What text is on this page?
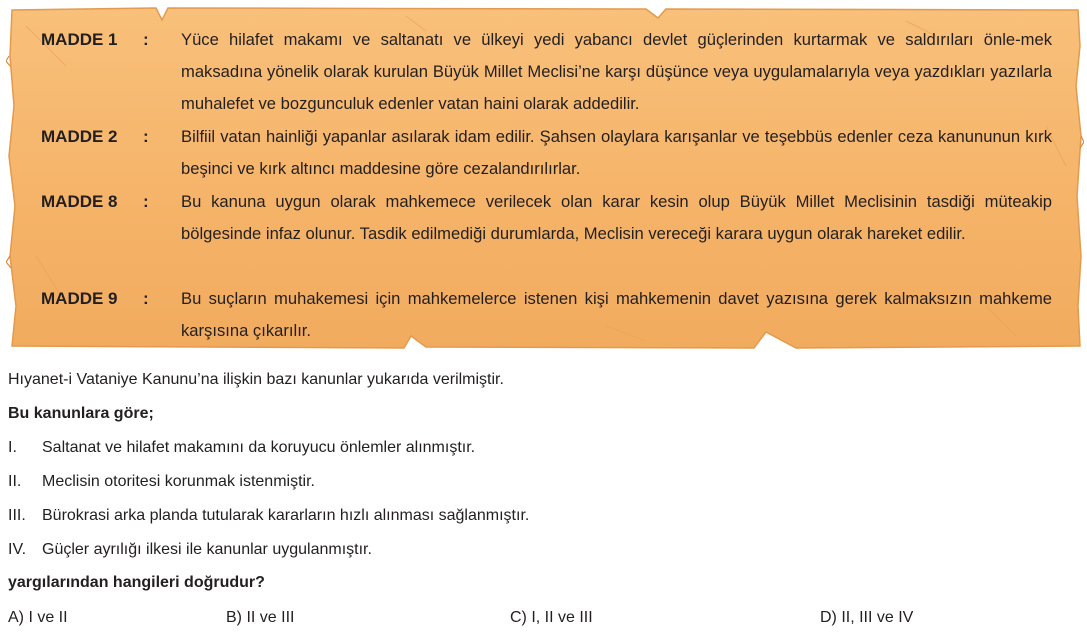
MADDE 1 : Yüce hilafet makamı ve saltanatı ve ülkeyi yedi yabancı devlet güçlerinden kurtarmak ve saldırıları önle-mek maksadına yönelik olarak kurulan Büyük Millet Meclisi’ne karşı düşünce veya uygulamalarıyla veya yazdıkları yazılarla muhalefet ve bozgunculuk edenler vatan haini olarak addedilir.
MADDE 2 : Bilfiil vatan hainliği yapanlar asılarak idam edilir. Şahsen olaylara karışanlar ve teşebbüs edenler ceza kanununun kırk beşinci ve kırk altıncı maddesine göre cezalandırılırlar.
MADDE 8 : Bu kanuna uygun olarak mahkemece verilecek olan karar kesin olup Büyük Millet Meclisinin tasdiği müteakip bölgesinde infaz olunur. Tasdik edilmediği durumlarda, Meclisin vereceği karara uygun olarak hareket edilir.
MADDE 9 : Bu suçların muhakemesi için mahkemelerce istenen kişi mahkemenin davet yazısına gerek kalmaksızın mahkeme karşısına çıkarılır.
Hıyanet-i Vataniye Kanunu’na ilişkin bazı kanunlar yukarıda verilmiştir.
Bu kanunlara göre;
I. Saltanat ve hilafet makamını da koruyucu önlemler alınmıştır.
II. Meclisin otoritesi korunmak istenmiştir.
III. Bürokrasi arka planda tutularak kararların hızlı alınması sağlanmıştır.
IV. Güçler ayrılığı ilkesi ile kanunlar uygulanmıştır.
yargılarından hangileri doğrudur?
A) I ve II	B) II ve III	C) I, II ve III	D) II, III ve IV
